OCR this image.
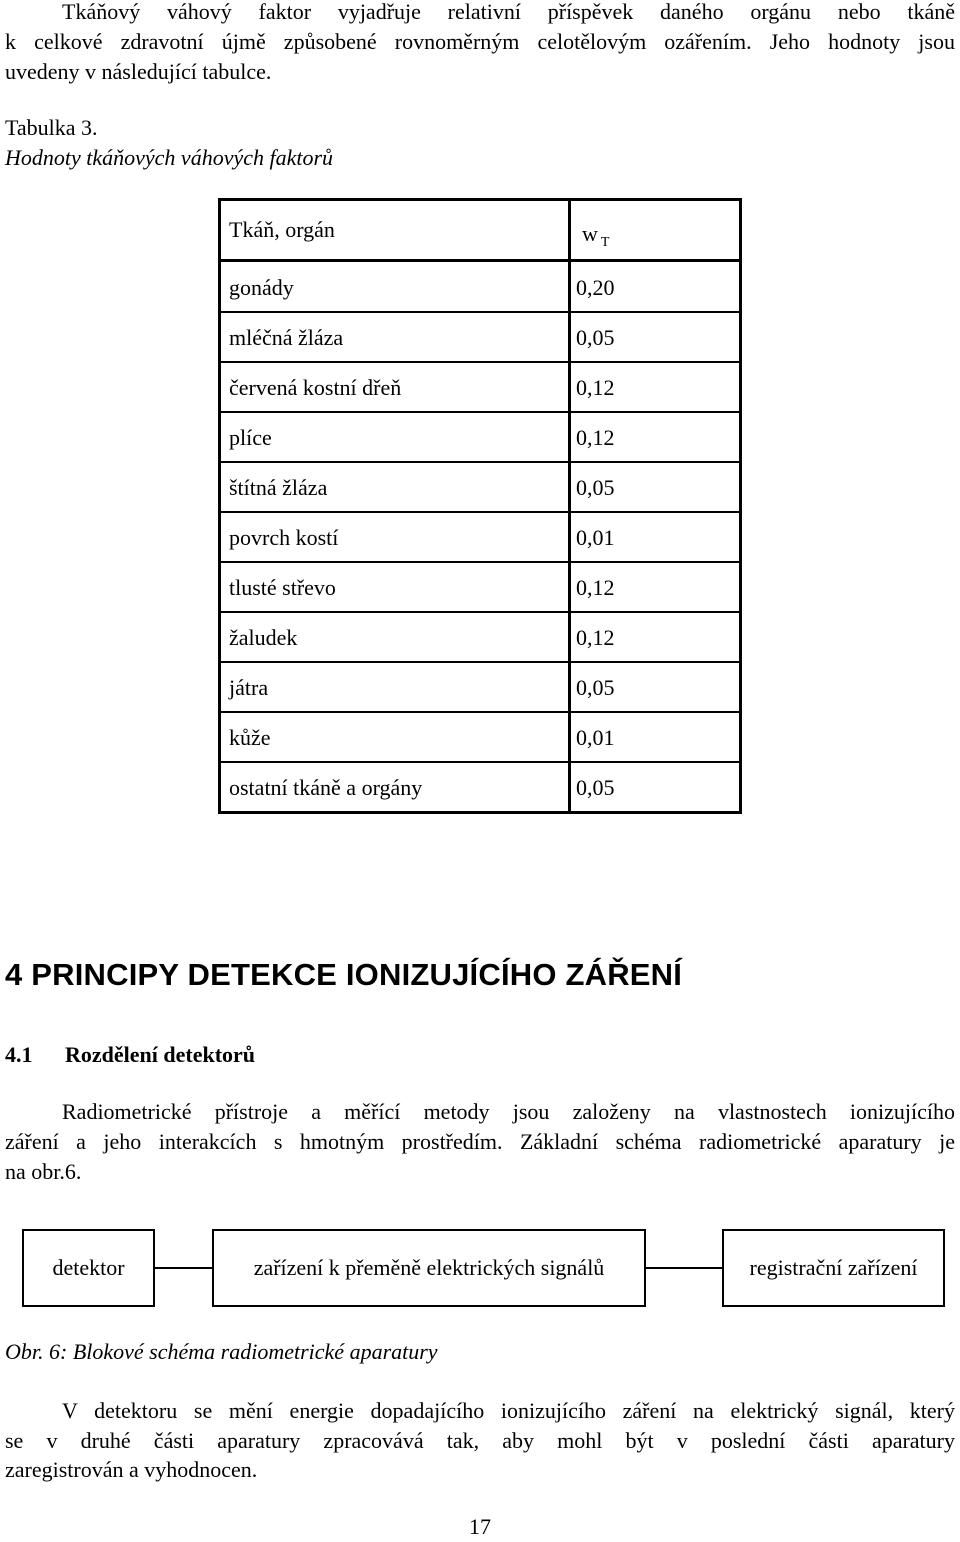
Tkáňový váhový faktor vyjadřuje relativní příspěvek daného orgánu nebo tkáně
k celkové zdravotní újmě způsobené rovnoměrným celotělovým ozářením. Jeho hodnoty jsou
uvedeny v následující tabulce.
Tabulka 3.
Hodnoty tkáňových váhových faktorů
Tkáň, orgán	w $_T$
gonády	0,20
mléčná žláza	0,05
červená kostní dřeň	0,12
plíce	0,12
štítná žláza	0,05
povrch kostí	0,01
tlusté střevo	0,12
žaludek	0,12
játra	0,05
kůže	0,01
ostatní tkáně a orgány	0,05
4 PRINCIPY DETEKCE IONIZUJÍCÍHO ZÁŘENÍ
4.1 Rozdělení detektorů
Radiometrické přístroje a měřící metody jsou založeny na vlastnostech ionizujícího
záření a jeho interakcích s hmotným prostředím. Základní schéma radiometrické aparatury je
na obr.6.
detektor	zařízení k přeměně elektrických signálů	registrační zařízení
Obr. 6: Blokové schéma radiometrické aparatury
V detektoru se mění energie dopadajícího ionizujícího záření na elektrický signál, který
se v druhé části aparatury zpracovává tak, aby mohl být v poslední části aparatury
zaregistrován a vyhodnocen.
17
